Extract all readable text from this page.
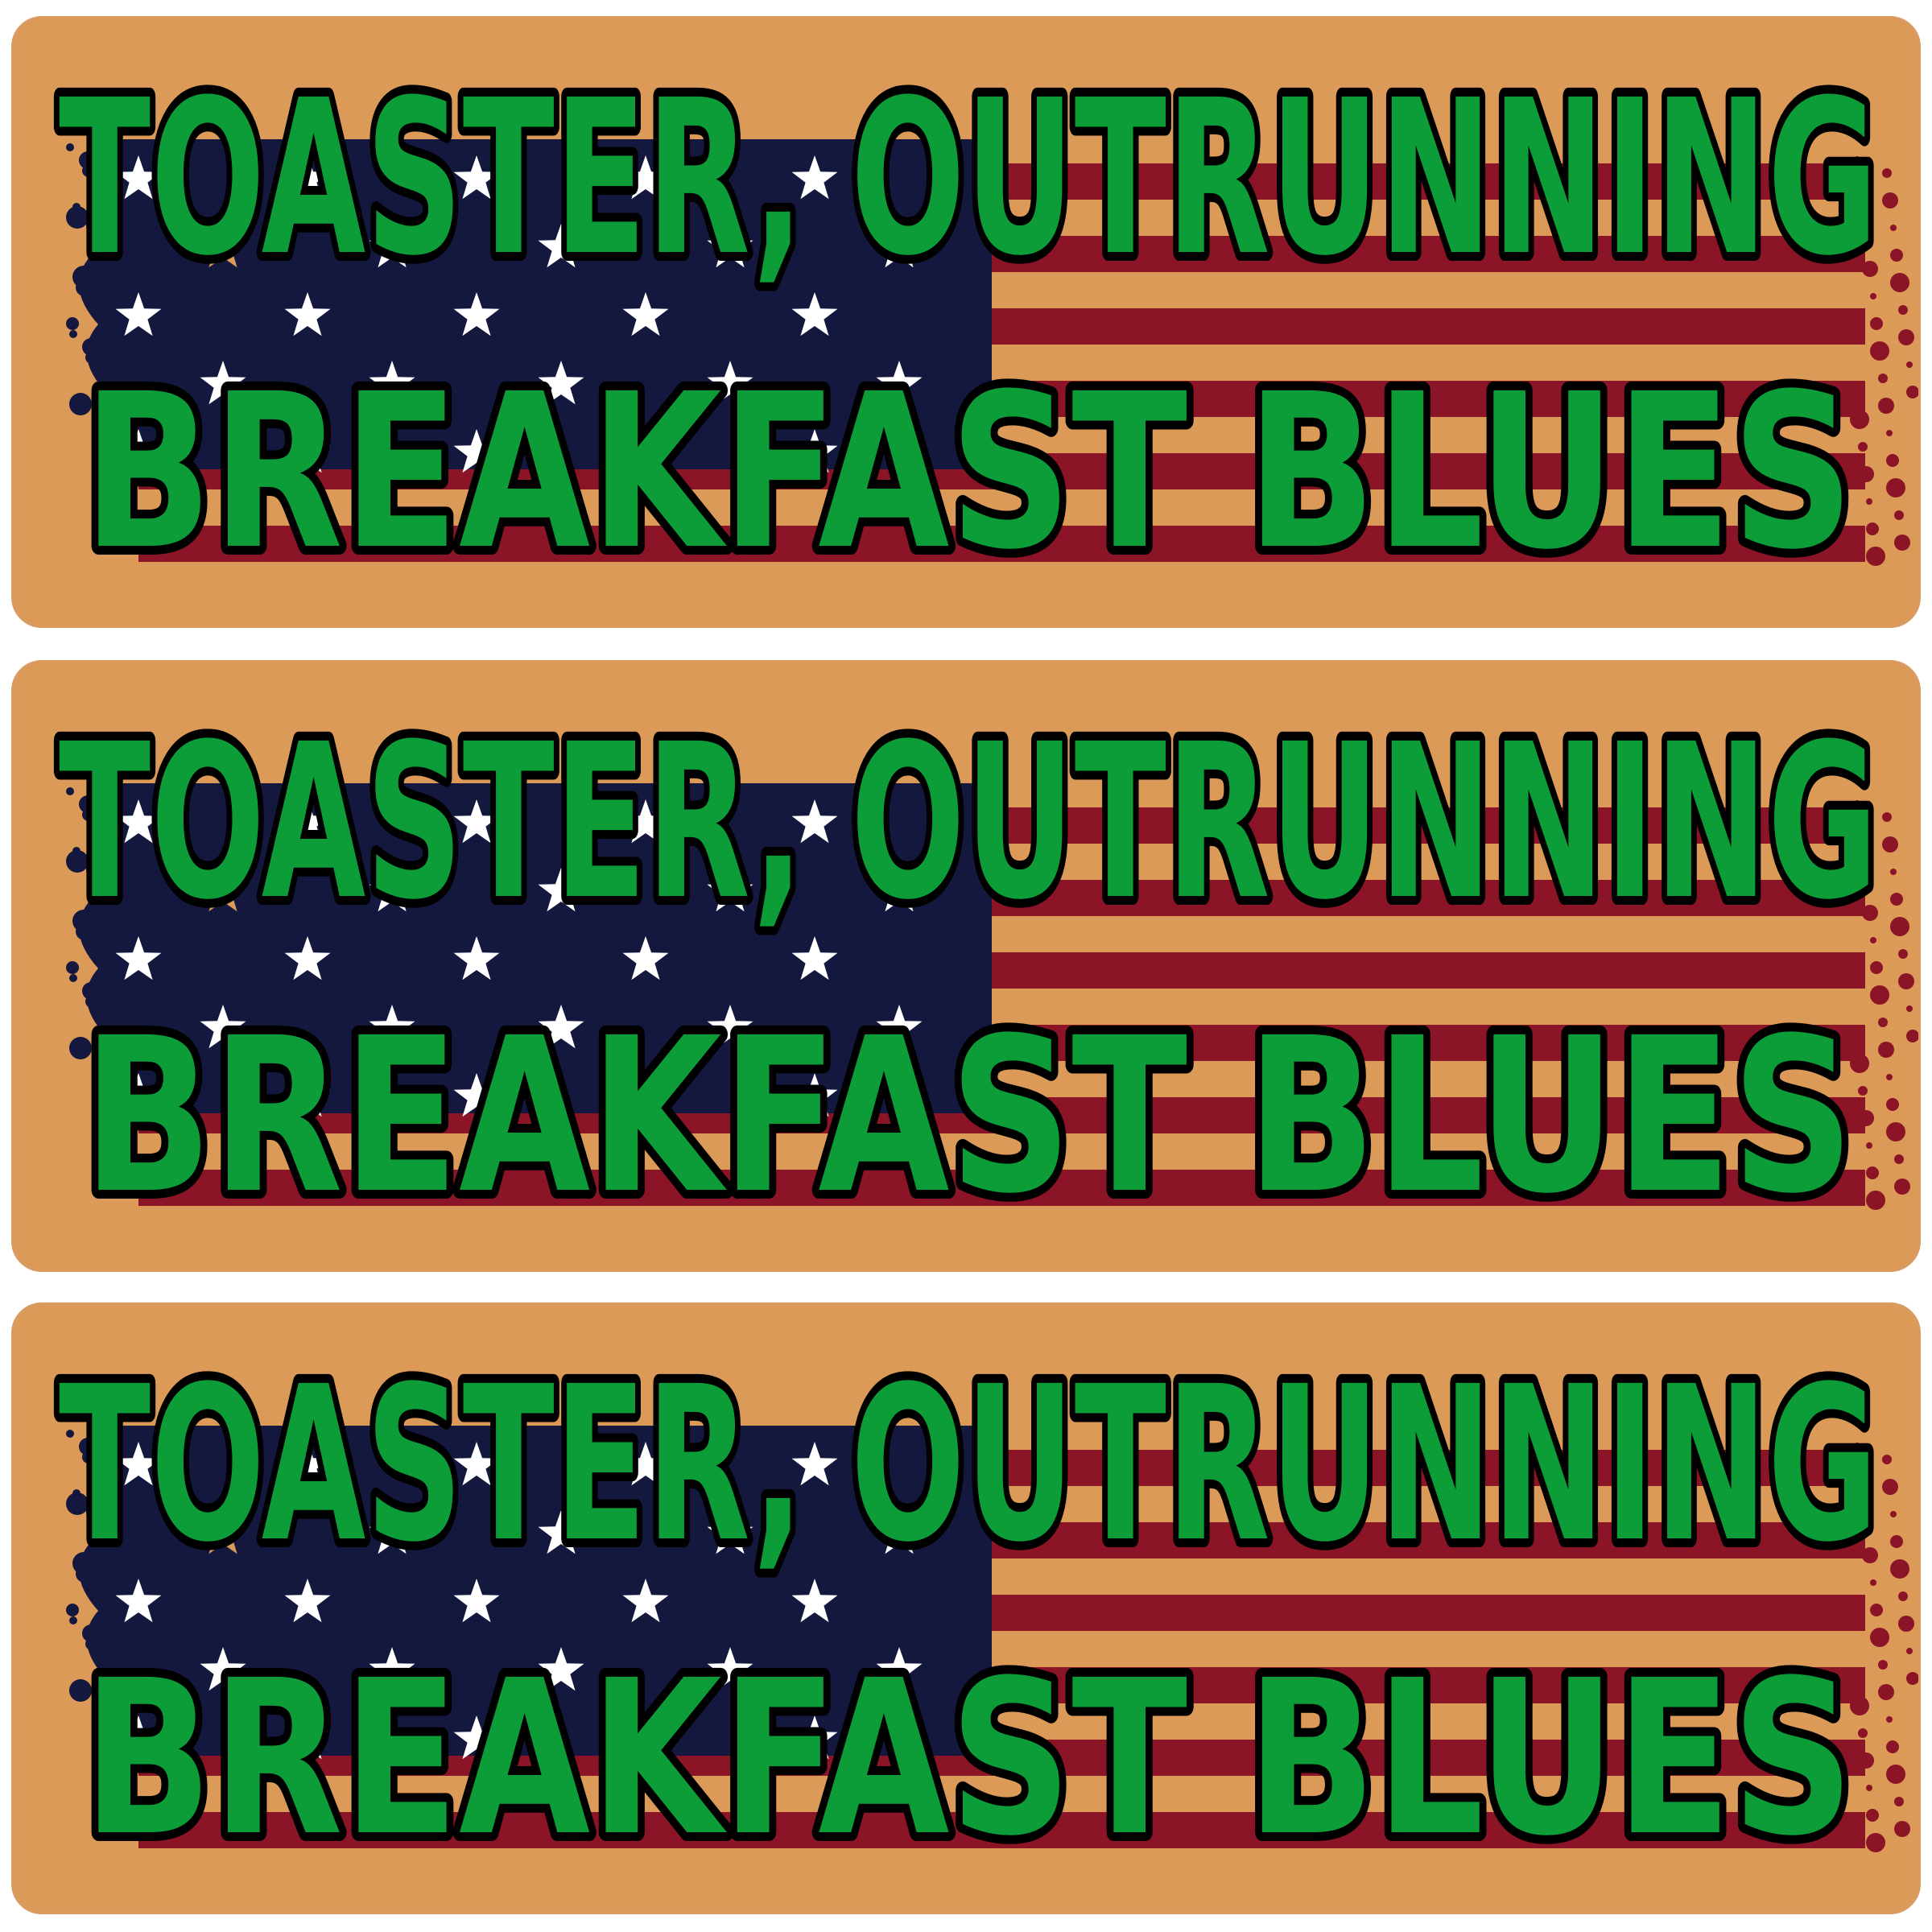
TOASTER, OUTRUNNING
BREAKFAST BLUES
TOASTER, OUTRUNNING
BREAKFAST BLUES
TOASTER, OUTRUNNING
BREAKFAST BLUES
